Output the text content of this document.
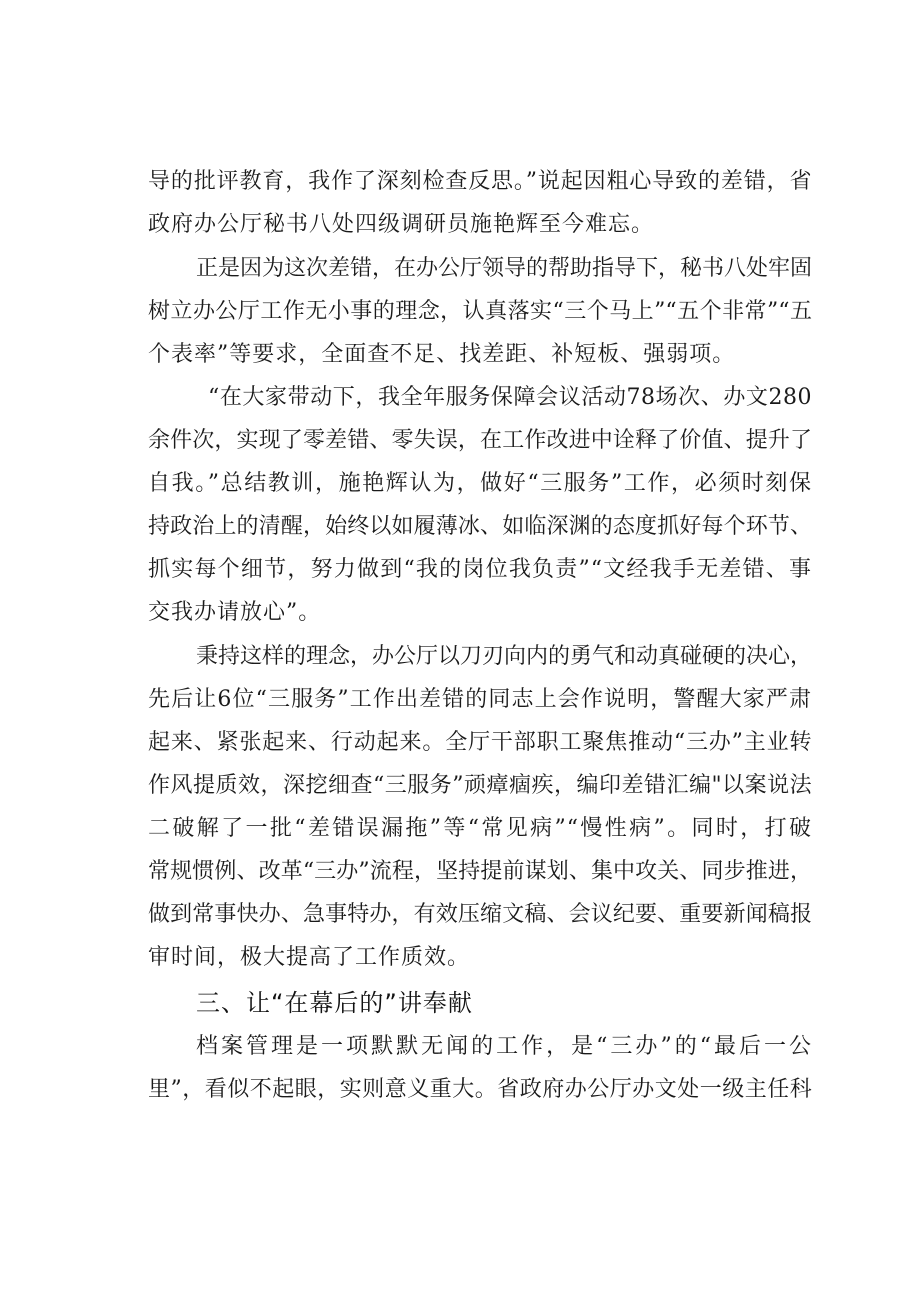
导的批评教育，我作了深刻检查反思。”说起因粗心导致的差错，省
政府办公厅秘书八处四级调研员施艳辉至今难忘。
正是因为这次差错，在办公厅领导的帮助指导下，秘书八处牢固
树立办公厅工作无小事的理念，认真落实“三个马上”“五个非常”“五
个表率”等要求，全面查不足、找差距、补短板、强弱项。
“在大家带动下，我全年服务保障会议活动78场次、办文280
余件次，实现了零差错、零失误，在工作改进中诠释了价值、提升了
自我。”总结教训，施艳辉认为，做好“三服务”工作，必须时刻保
持政治上的清醒，始终以如履薄冰、如临深渊的态度抓好每个环节、
抓实每个细节，努力做到“我的岗位我负责”“文经我手无差错、事
交我办请放心”。
秉持这样的理念，办公厅以刀刃向内的勇气和动真碰硬的决心，
先后让6位“三服务”工作出差错的同志上会作说明，警醒大家严肃
起来、紧张起来、行动起来。全厅干部职工聚焦推动“三办”主业转
作风提质效，深挖细查“三服务”顽瘴痼疾，编印差错汇编"以案说法
二破解了一批“差错误漏拖”等“常见病”“慢性病”。同时，打破
常规惯例、改革“三办”流程，坚持提前谋划、集中攻关、同步推进，
做到常事快办、急事特办，有效压缩文稿、会议纪要、重要新闻稿报
审时间，极大提高了工作质效。
三、让“在幕后的”讲奉献
档案管理是一项默默无闻的工作，是“三办”的“最后一公
里”，看似不起眼，实则意义重大。省政府办公厅办文处一级主任科
